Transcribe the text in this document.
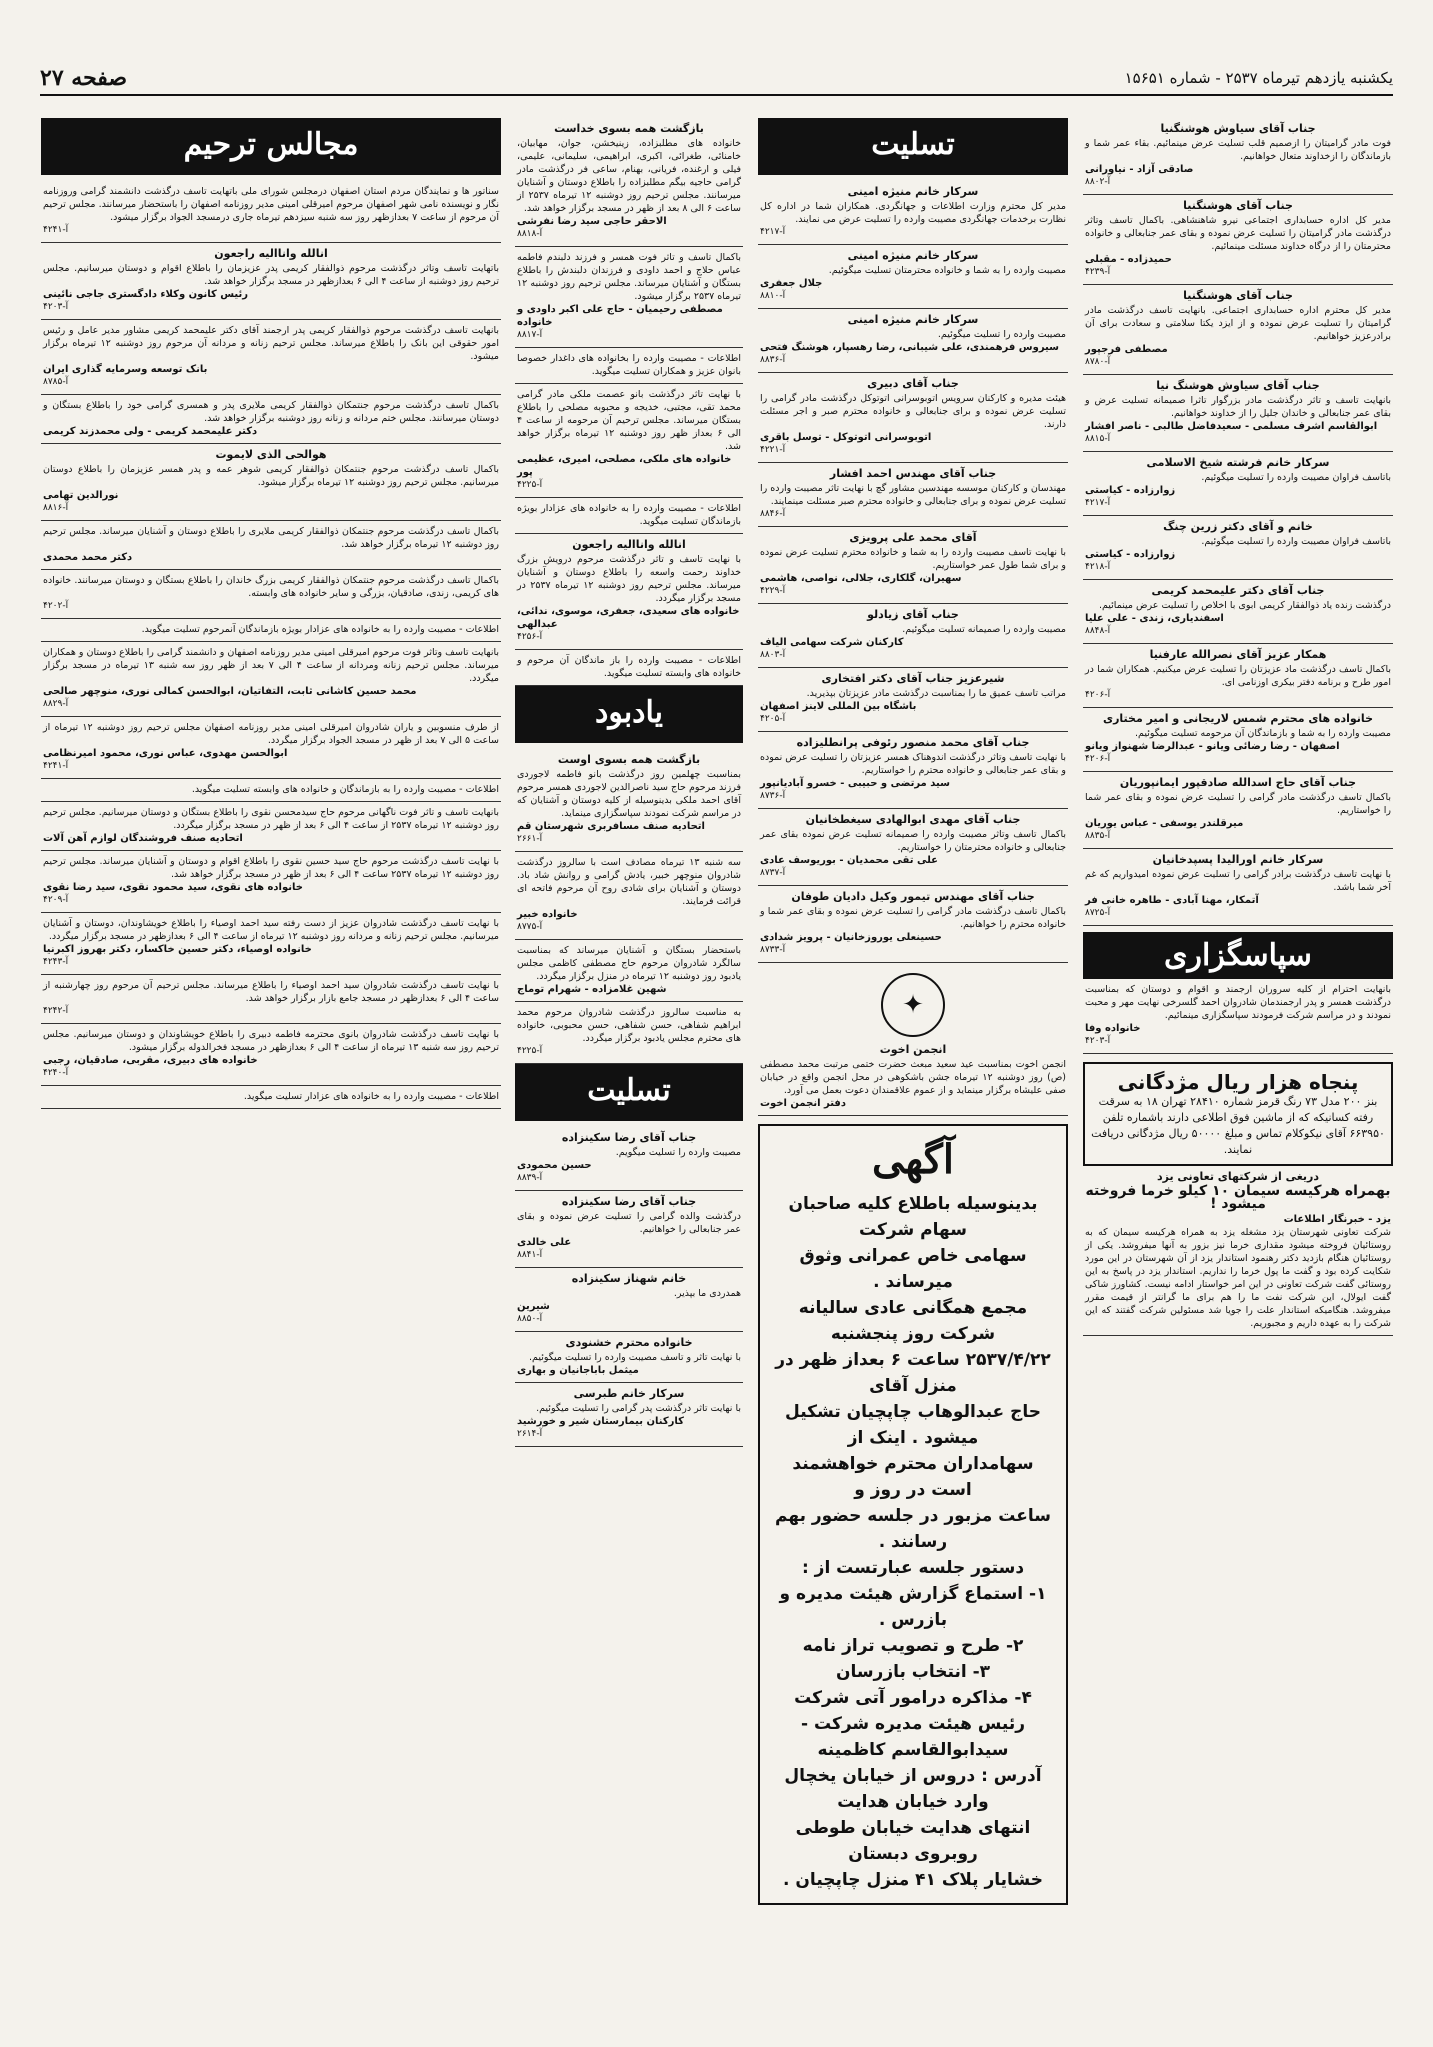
یکشنبه یازدهم تیرماه ۲۵۳۷ - شماره ۱۵۶۵۱
صفحه ۲۷
مجالس ترحیم
سناتور ها و نمایندگان مردم استان اصفهان درمجلس شورای ملی باتهایت تاسف درگذشت دانشمند گرامی وروزنامه نگار و نویسنده نامی شهر اصفهان مرحوم امیرقلی امینی مدیر روزنامه اصفهان را باستحضار میرسانند. مجلس ترحیم آن مرحوم از ساعت ۷ بعدازظهر روز سه شنبه سیزدهم تیرماه جاری درمسجد الجواد برگزار میشود.
آ-۴۲۴۱
انالله وانااليه راجعون
باتهایت تاسف وتاثر درگذشت مرحوم ذوالفقار کریمی پدر عزیزمان را باطلاع اقوام و دوستان میرسانیم. مجلس ترحیم روز دوشنبه از ساعت ۴ الی ۶ بعدازظهر در مسجد برگزار خواهد شد.
رئیس کانون وکلاء دادگستری جاجی نائینی
آ-۴۲۰۳
بانهایت تاسف درگذشت مرحوم ذوالفقار کریمی پدر ارجمند آقای دکتر علیمحمد کریمی مشاور مدیر عامل و رئیس امور حقوقی این بانک را باطلاع میرساند. مجلس ترحیم زنانه و مردانه آن مرحوم روز دوشنبه ۱۲ تیرماه برگزار میشود.
بانک توسعه وسرمایه گذاری ایران
آ-۸۷۸۵
باکمال تاسف درگذشت مرحوم جنتمکان ذوالفقار کریمی ملایری پدر و همسری گرامی خود را باطلاع بستگان و دوستان میرسانند. مجلس ختم مردانه و زنانه روز دوشنبه برگزار خواهد شد.
دکتر علیمحمد کریمی - ولی محمدزند کریمی
هوالحی الذی لایموت
باکمال تاسف درگذشت مرحوم جنتمکان ذوالفقار کریمی شوهر عمه و پدر همسر عزیزمان را باطلاع دوستان میرسانیم. مجلس ترحیم روز دوشنبه ۱۲ تیرماه برگزار میشود.
نورالدین تهامی
آ-۸۸۱۶
باکمال تاسف درگذشت مرحوم جنتمکان ذوالفقار کریمی ملایری را باطلاع دوستان و آشنایان میرساند. مجلس ترحیم روز دوشنبه ۱۲ تیرماه برگزار خواهد شد.
دکتر محمد محمدی
باکمال تاسف درگذشت مرحوم جنتمکان ذوالفقار کریمی بزرگ خاندان را باطلاع بستگان و دوستان میرسانند. خانواده های کریمی، زندی، صادقیان، بزرگی و سایر خانواده های وابسته.
آ-۴۲۰۲
اطلاعات - مصیبت وارده را به خانواده های عزادار بویژه بازماندگان آنمرحوم تسلیت میگوید.
بانهایت تاسف وتاثر فوت مرحوم امیرقلی امینی مدیر روزنامه اصفهان و دانشمند گرامی را باطلاع دوستان و همکاران میرساند. مجلس ترحیم زنانه ومردانه از ساعت ۴ الی ۷ بعد از ظهر روز سه شنبه ۱۳ تیرماه در مسجد برگزار میگردد.
محمد حسین کاشانی ثابت، التفاتیان، ابوالحسن کمالی نوری، منوچهر صالحی
آ-۸۸۲۹
از طرف منسوبین و یاران شادروان امیرقلی امینی مدیر روزنامه اصفهان مجلس ترحیم روز دوشنبه ۱۲ تیرماه از ساعت ۵ الی ۷ بعد از ظهر در مسجد الجواد برگزار میگردد.
ابوالحسن مهدوی، عباس نوری، محمود امیرنظامی
آ-۴۲۴۱
اطلاعات - مصیبت وارده را به بازماندگان و خانواده های وابسته تسلیت میگوید.
بانهایت تاسف و تاثر فوت ناگهانی مرحوم حاج سیدمحسن نقوی را باطلاع بستگان و دوستان میرسانیم. مجلس ترحیم روز دوشنبه ۱۲ تیرماه ۲۵۳۷ از ساعت ۴ الی ۶ بعد از ظهر در مسجد برگزار میگردد.
اتحادیه صنف فروشندگان لوازم آهن آلات
با نهایت تاسف درگذشت مرحوم حاج سید حسین نقوی را باطلاع اقوام و دوستان و آشنایان میرساند. مجلس ترحیم روز دوشنبه ۱۲ تیرماه ۲۵۳۷ ساعت ۴ الی ۶ بعد از ظهر در مسجد برگزار خواهد شد.
خانواده های نقوی، سید محمود نقوی، سید رضا نقوی
آ-۴۲۰۹
با نهایت تاسف درگذشت شادروان عزیز از دست رفته سید احمد اوصیاء را باطلاع خویشاوندان، دوستان و آشنایان میرسانیم. مجلس ترحیم زنانه و مردانه روز دوشنبه ۱۲ تیرماه از ساعت ۴ الی ۶ بعدازظهر در مسجد برگزار میگردد.
خانواده اوصیاء، دکتر حسین خاکسار، دکتر بهروز اکبرنیا
آ-۴۲۴۳
با نهایت تاسف درگذشت شادروان سید احمد اوصیاء را باطلاع میرساند. مجلس ترحیم آن مرحوم روز چهارشنبه از ساعت ۴ الی ۶ بعدازظهر در مسجد جامع بازار برگزار خواهد شد.
آ-۴۲۴۲
با نهایت تاسف درگذشت شادروان بانوی محترمه فاطمه دبیری را باطلاع خویشاوندان و دوستان میرسانیم. مجلس ترحیم روز سه شنبه ۱۳ تیرماه از ساعت ۴ الی ۶ بعدازظهر در مسجد فخرالدوله برگزار میشود.
خانواده های دبیری، مقربی، صادقیان، رجبی
آ-۴۲۴۰
اطلاعات - مصیبت وارده را به خانواده های عزادار تسلیت میگوید.
بازگشت همه بسوی خداست
خانواده های مطلبزاده، زینیخشن، جوان، مهابیان، خامنائی، طغرائی، اکبری، ابراهیمی، سلیمانی، علیمی، فیلی و ارغنده، فریانی، بهنام، ساعی فر درگذشت مادر گرامی حاجیه بیگم مطلبزاده را باطلاع دوستان و آشنایان میرسانند. مجلس ترحیم روز دوشنبه ۱۲ تیرماه ۲۵۳۷ از ساعت ۶ الی ۸ بعد از ظهر در مسجد برگزار خواهد شد.
الاحقر حاجی سید رضا نفرشی
آ-۸۸۱۸
باکمال تاسف و تاثر فوت همسر و فرزند دلبندم فاطمه عباس حلاج و احمد داودی و فرزندان دلبندش را باطلاع بستگان و آشنایان میرساند. مجلس ترحیم روز دوشنبه ۱۲ تیرماه ۲۵۳۷ برگزار میشود.
مصطفی رحیمیان - حاج علی اکبر داودی و خانواده
آ-۸۸۱۷
اطلاعات - مصیبت وارده را بخانواده های داغدار خصوصا بانوان عزیز و همکاران تسلیت میگوید.
با نهایت تاثر درگذشت بانو عصمت ملکی مادر گرامی محمد تقی، مجتبی، خدیجه و محبوبه مصلحی را باطلاع بستگان میرساند. مجلس ترحیم آن مرحومه از ساعت ۴ الی ۶ بعداز ظهر روز دوشنبه ۱۲ تیرماه برگزار خواهد شد.
خانواده های ملکی، مصلحی، امیری، عظیمی پور
آ-۴۲۲۵
اطلاعات - مصیبت وارده را به خانواده های عزادار بویژه بازماندگان تسلیت میگوید.
انالله وانااليه راجعون
با نهایت تاسف و تاثر درگذشت مرحوم درویش بزرگ خداوند رحمت واسعه را باطلاع دوستان و آشنایان میرساند. مجلس ترحیم روز دوشنبه ۱۲ تیرماه ۲۵۳۷ در مسجد برگزار میگردد.
خانواده های سعیدی، جعفری، موسوی، ندائی، عبدالهی
آ-۴۲۵۶
اطلاعات - مصیبت وارده را باز ماندگان آن مرحوم و خانواده های وابسته تسلیت میگوید.
یادبود
بازگشت همه بسوی اوست
بمناسبت چهلمین روز درگذشت بانو فاطمه لاجوردی فرزند مرحوم حاج سید ناصرالدین لاجوردی همسر مرحوم آقای احمد ملکی بدینوسیله از کلیه دوستان و آشنایان که در مراسم شرکت نمودند سپاسگزاری مینماید.
اتحادیه صنف مسافربری شهرستان قم
آ-۲۶۶۱
سه شنبه ۱۳ تیرماه مصادف است با سالروز درگذشت شادروان منوچهر خبیر، یادش گرامی و روانش شاد باد. دوستان و آشنایان برای شادی روح آن مرحوم فاتحه ای قرائت فرمایند.
خانواده خبیر
آ-۸۷۷۵
باستحضار بستگان و آشنایان میرساند که بمناسبت سالگرد شادروان مرحوم حاج مصطفی کاظمی مجلس یادبود روز دوشنبه ۱۲ تیرماه در منزل برگزار میگردد.
شهین غلامزاده - شهرام توماج
به مناسبت سالروز درگذشت شادروان مرحوم محمد ابراهیم شفاهی، حسن شفاهی، حسن محبوبی، خانواده های محترم مجلس یادبود برگزار میگردد.
آ-۴۲۲۵
تسلیت
جناب آقای رضا سکینزاده
مصیبت وارده را تسلیت میگویم.
حسین محمودی
آ-۸۸۳۹
جناب آقای رضا سکینزاده
درگذشت والده گرامی را تسلیت عرض نموده و بقای عمر جنابعالی را خواهانیم.
علی خالدی
آ-۸۸۴۱
خانم شهناز سکینزاده
همدردی ما بپذیر.
شیرین
آ-۸۸۵۰
خانواده محترم خشنودی
با نهایت تاثر و تاسف مصیبت وارده را تسلیت میگوئیم.
میثمل باباجانیان و بهاری
سرکار خانم طبرسی
با نهایت تاثر درگذشت پدر گرامی را تسلیت میگوئیم.
کارکنان بیمارستان شیر و خورشید
آ-۲۶۱۴
تسلیت
سرکار خانم منیژه امینی
مدیر کل محترم وزارت اطلاعات و جهانگردی. همکاران شما در اداره کل نظارت برخدمات جهانگردی مصیبت وارده را تسلیت عرض می نمایند.
آ-۴۲۱۷
سرکار خانم منیژه امینی
مصیبت وارده را به شما و خانواده محترمتان تسلیت میگوئیم.
جلال جعفری
آ-۸۸۱۰
سرکار خانم منیژه امینی
مصیبت وارده را تسلیت میگوئیم.
سیروس فرهمندی، علی شیبانی، رضا رهسپار، هوشنگ فتحی
آ-۸۸۳۶
جناب آقای دبیری
هیئت مدیره و کارکنان سرویس اتوبوسرانی اتوتوکل درگذشت مادر گرامی را تسلیت عرض نموده و برای جنابعالی و خانواده محترم صبر و اجر مسئلت دارند.
اتوبوسرانی اتوتوکل - توسل باقری
آ-۴۲۲۱
جناب آقای مهندس احمد افشار
مهندسان و کارکنان موسسه مهندسین مشاور گچ با نهایت تاثر مصیبت وارده را تسلیت عرض نموده و برای جنابعالی و خانواده محترم صبر مسئلت مینمایند.
آ-۸۸۴۶
آقای محمد علی پرویزی
با نهایت تاسف مصیبت وارده را به شما و خانواده محترم تسلیت عرض نموده و برای شما طول عمر خواستاریم.
سهیران، گلکاری، جلالی، نواصی، هاشمی
آ-۴۲۲۹
جناب آقای زیادلو
مصیبت وارده را صمیمانه تسلیت میگوئیم.
کارکنان شرکت سهامی الیاف
آ-۸۸۰۳
شیرعزیز جناب آقای دکتر افتخاری
مراتب تاسف عمیق ما را بمناسبت درگذشت مادر عزیزتان بپذیرید.
باشگاه بین المللی لاینز اصفهان
آ-۴۲۰۵
جناب آقای محمد منصور رئوفی پرانطلیزاده
با نهایت تاسف وتاثر درگذشت اندوهناک همسر عزیزتان را تسلیت عرض نموده و بقای عمر جنابعالی و خانواده محترم را خواستاریم.
سید مرتضی و حبیبی - خسرو آبادیانپور
آ-۸۷۳۶
جناب آقای مهدی ابوالهادی سیغطخانیان
باکمال تاسف وتاثر مصیبت وارده را صمیمانه تسلیت عرض نموده بقای عمر جنابعالی و خانواده محترمتان را خواستاریم.
علی تقی محمدیان - بوریوسف عادی
آ-۸۷۳۷
جناب آقای مهندس تیمور وکیل دادیان طوفان
باکمال تاسف درگذشت مادر گرامی را تسلیت عرض نموده و بقای عمر شما و خانواده محترم را خواهانیم.
حسینعلی یوروزخانیان - پرویز شدادی
آ-۸۷۳۳
✦
انجمن اخوت
انجمن اخوت بمناسبت عید سعید مبعث حضرت ختمی مرتبت محمد مصطفی (ص) روز دوشنبه ۱۲ تیرماه جشن باشکوهی در محل انجمن واقع در خیابان صفی علیشاه برگزار مینماید و از عموم علاقمندان دعوت بعمل می آورد.
دفتر انجمن اخوت
آگهی
بدینوسیله باطلاع کلیه صاحبان سهام شرکت
سهامی خاص عمرانی وثوق میرساند .
مجمع همگانی عادی سالیانه شرکت روز پنجشنبه
۲۵۳۷/۴/۲۲ ساعت ۶ بعداز ظهر در منزل آقای
حاج عبدالوهاب چاپچیان تشکیل میشود . اینک از
سهامداران محترم خواهشمند است در روز و
ساعت مزبور در جلسه حضور بهم رسانند .
دستور جلسه عبارتست از :
۱- استماع گزارش هیئت مدیره و بازرس .
۲- طرح و تصویب تراز نامه
۳- انتخاب بازرسان
۴- مذاکره درامور آتی شرکت
رئیس هیئت مدیره شرکت - سیدابوالقاسم کاظمینه
آدرس : دروس از خیابان یخچال وارد خیابان هدایت
انتهای هدایت خیابان طوطی روبروی دبستان
خشایار پلاک ۴۱ منزل چاپچیان .
جناب آقای سیاوش هوشنگنیا
فوت مادر گرامیتان را ازصمیم قلب تسلیت عرض مینمائیم. بقاء عمر شما و بازماندگان را ازخداوند متعال خواهانیم.
صادقی آزاد - نیاورانی
آ-۸۸۰۲
جناب آقای هوشنگنیا
مدیر کل اداره حسابداری اجتماعی نیرو شاهنشاهی. باکمال تاسف وتاثر درگذشت مادر گرامیتان را تسلیت عرض نموده و بقای عمر جنابعالی و خانواده محترمتان را از درگاه خداوند مسئلت مینمائیم.
حمیدزاده - مقبلی
آ-۴۲۳۹
جناب آقای هوشنگنیا
مدیر کل محترم اداره حسابداری اجتماعی. بانهایت تاسف درگذشت مادر گرامیتان را تسلیت عرض نموده و از ایزد یکتا سلامتی و سعادت برای آن برادرعزیز خواهانیم.
مصطفی فرجپور
آ-۸۷۸۰
جناب آقای سیاوش هوشنگ نیا
بانهایت تاسف و تاثر درگذشت مادر بزرگوار تاثرا صمیمانه تسلیت عرض و بقای عمر جنابعالی و خاندان جلیل را از خداوند خواهانیم.
ابوالقاسم اشرف مسلمی - سعیدفاضل طالبی - ناصر افشار
آ-۸۸۱۵
سرکار خانم فرشته شیخ الاسلامی
باتاسف فراوان مصیبت وارده را تسلیت میگوئیم.
زوارزاده - کیاستی
آ-۴۲۱۷
خانم و آقای دکتر زرین چنگ
باتاسف فراوان مصیبت وارده را تسلیت میگوئیم.
زوارزاده - کیاستی
آ-۴۲۱۸
جناب آقای دکتر علیمحمد کریمی
درگذشت زنده یاد ذوالفقار کریمی ابوی با اخلاص را تسلیت عرض مینمائیم.
اسفندیاری، زندی - علی علیا
آ-۸۸۴۸
همکار عزیز آقای نصرالله عارفنیا
باکمال تاسف درگذشت ماد عزیزتان را تسلیت عرض میکنیم. همکاران شما در امور طرح و برنامه دفتر بیکری اوزنامی ای.
آ-۴۲۰۶
خانواده های محترم شمس لاریجانی و امیر مختاری
مصیبت وارده را به شما و بازماندگان آن مرحومه تسلیت میگوئیم.
اصفهان - رضا رضائی ویانو - عبدالرضا شهنواز ویانو
آ-۴۲۰۶
جناب آقای حاج اسدالله صادقپور ایمانپوریان
باکمال تاسف درگذشت مادر گرامی را تسلیت عرض نموده و بقای عمر شما را خواستاریم.
میرقلندر یوسفی - عباس یوریان
آ-۸۸۳۵
سرکار خانم اورالیدا پسپدخانیان
با نهایت تاسف درگذشت برادر گرامی را تسلیت عرض نموده امیدواریم که غم آخر شما باشد.
آتمکار، مهنا آبادی - طاهره خانی فر
آ-۸۷۲۵
سپاسگزاری
بانهایت احترام از کلیه سروران ارجمند و اقوام و دوستان که بمناسبت درگذشت همسر و پدر ارجمندمان شادروان احمد گلسرخی نهایت مهر و محبت نمودند و در مراسم شرکت فرمودند سپاسگزاری مینمائیم.
خانواده وفا
آ-۴۲۰۳
پنجاه هزار ریال مژدگانی
بنز ۲۰۰ مدل ۷۳ رنگ قرمز شماره ۲۸۴۱۰ تهران ۱۸ به سرقت رفته کسانیکه که از ماشین فوق اطلاعی دارند باشماره تلفن ۶۶۳۹۵۰ آقای نیکوکلام تماس و مبلغ ۵۰۰۰۰ ریال مژدگانی دریافت نمایند.
دریغی از شرکتهای تعاونی یزد
بهمراه هرکیسه سیمان ۱۰ کیلو خرما فروخته میشود !
یزد - خبرنگار اطلاعات
شرکت تعاونی شهرستان یزد مشغله یزد به همراه هرکیسه سیمان که به روستائیان فروخته میشود مقداری خرما نیز بزور به آنها میفروشد. یکی از روستائیان هنگام بازدید دکتر رهنمود استاندار یزد از آن شهرستان در این مورد شکایت کرده بود و گفت ما پول خرما را نداریم. استاندار یزد در پاسخ به این روستائی گفت شرکت تعاونی در این امر خواستار ادامه نیست. کشاورز شاکی گفت ایولال، این شرکت نفت ما را هم برای ما گرانتر از قیمت مقرر میفروشد. هنگامیکه استاندار علت را جویا شد مسئولین شرکت گفتند که این شرکت را به عهده داریم و مجبوریم.
